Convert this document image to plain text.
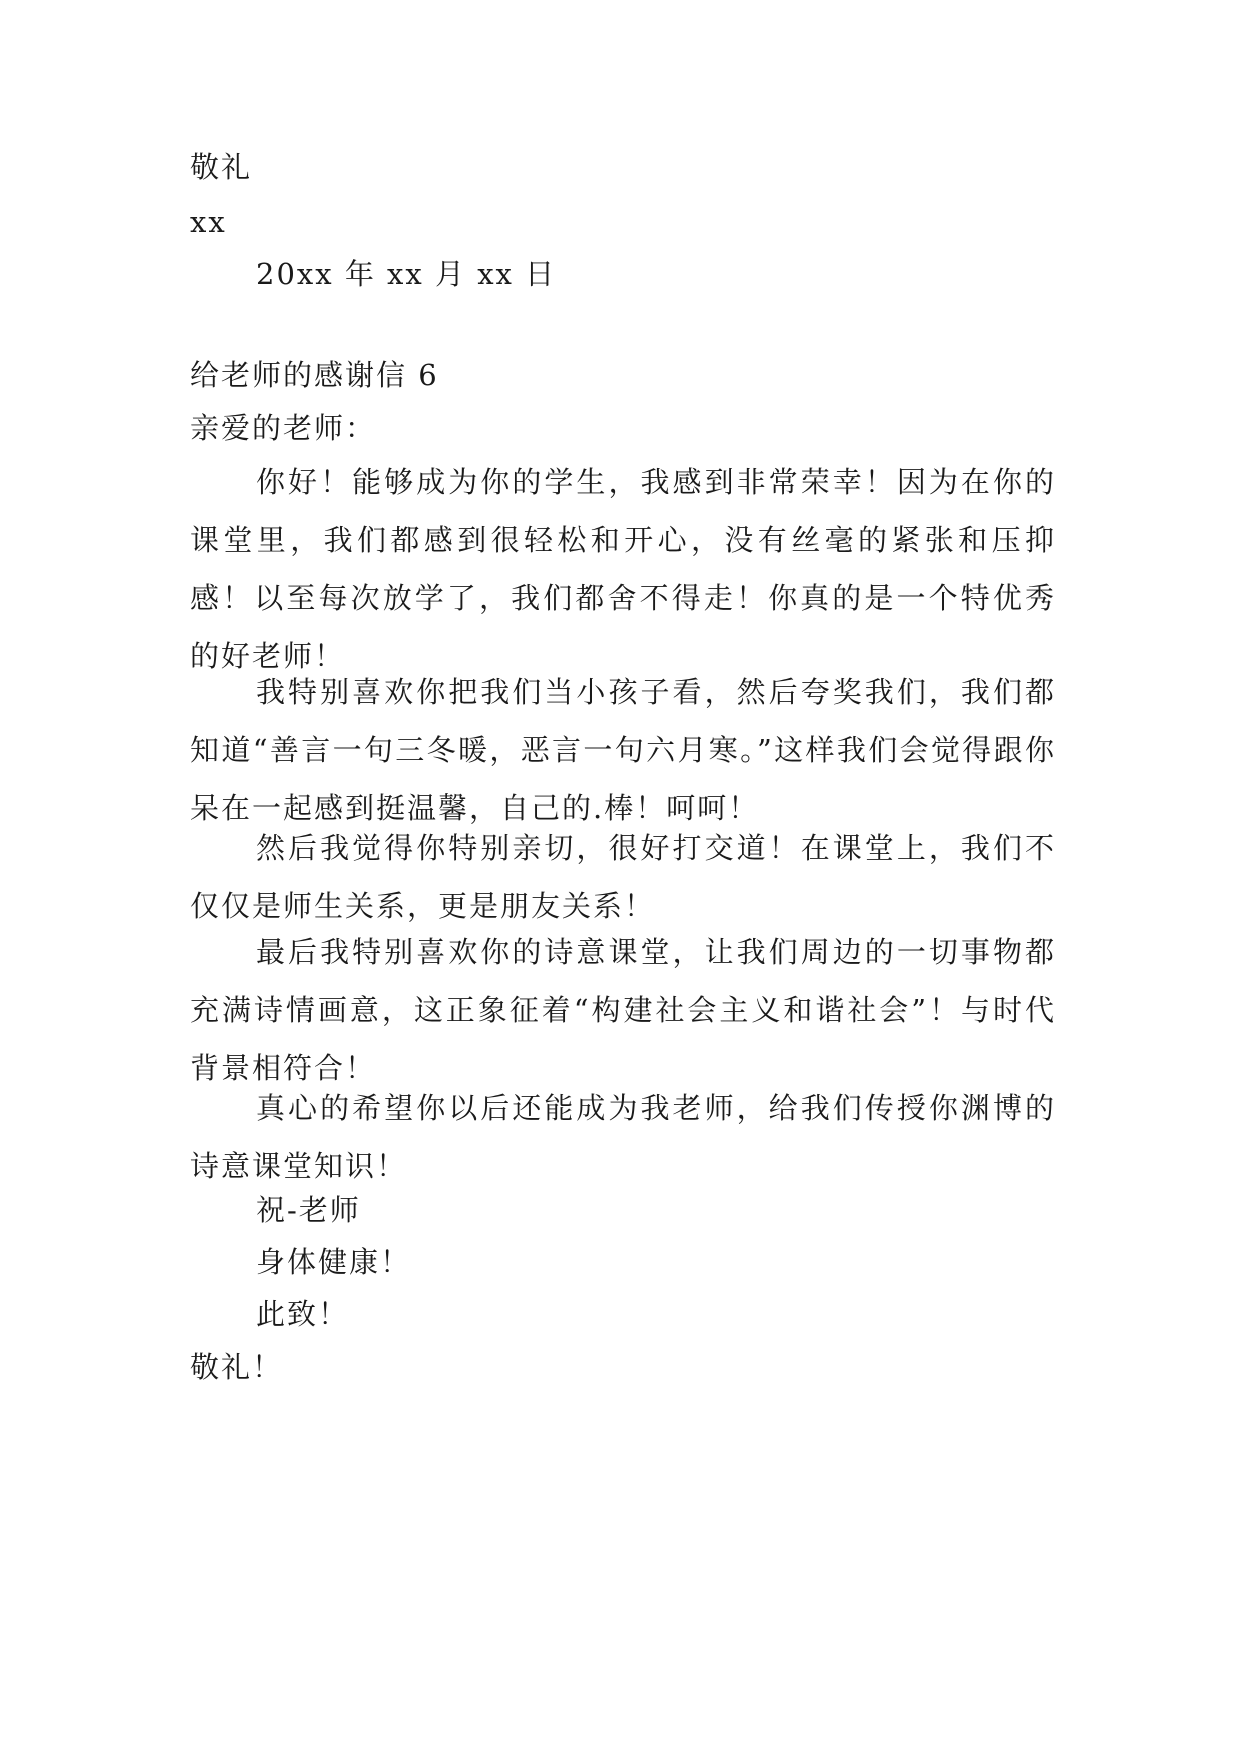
敬礼
xx
20xx 年 xx 月 xx 日
给老师的感谢信 6
亲爱的老师：
你好！能够成为你的学生，我感到非常荣幸！因为在你的课堂里，我们都感到很轻松和开心，没有丝毫的紧张和压抑感！以至每次放学了，我们都舍不得走！你真的是一个特优秀的好老师！
我特别喜欢你把我们当小孩子看，然后夸奖我们，我们都知道“善言一句三冬暖，恶言一句六月寒。”这样我们会觉得跟你呆在一起感到挺温馨，自己的.棒！呵呵！
然后我觉得你特别亲切，很好打交道！在课堂上，我们不仅仅是师生关系，更是朋友关系！
最后我特别喜欢你的诗意课堂，让我们周边的一切事物都充满诗情画意，这正象征着“构建社会主义和谐社会”！与时代背景相符合！
真心的希望你以后还能成为我老师，给我们传授你渊博的诗意课堂知识！
祝-老师
身体健康！
此致！
敬礼！
